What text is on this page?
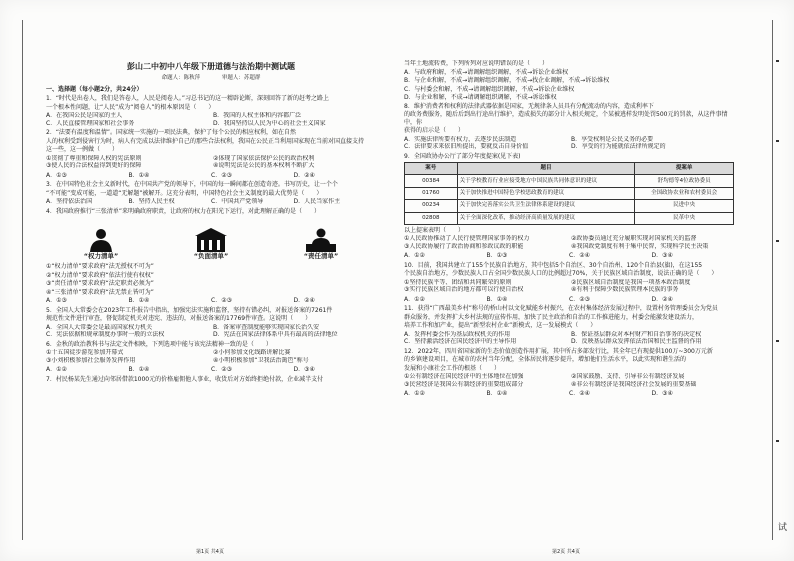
彭山二中初中八年级下册道德与法治期中测试题
命题人：陈秋萍	审题人：苏超群
一、选择题（每小题2分，共24分）

1．“时代是出卷人，我们是答卷人，人民是阅卷人。”习总书记的这一精辟论断，深刻回答了新的赶考之路上

一个根本性问题，让“人民”成为“阅卷人”的根本原因是（　　）

A．在我国公民是国家的主人	B．我国的人权主体和内容都广泛
C．人民直接管理国家和社会事务	D．我国坚持以人民为中心的社会主义国家

2．“法要有温度和温情”。国家统一实施的一项民法典，保护了每个公民的相应权利，如在自然

人的权利受到侵害行为时，病人有完成以法律维护自己的那些合法权利，我国在公民正当利用国家现在当前对国直接支持

这一些，这一例做（　　）

①贯彻了尊重和保障人权的宪法原则	②体现了国家依法保护公民的政治权利
③使人民的合法权益得到更好的保障	④说明宪法是公民的基本权利不断扩大
A．①③	B．①④	C．②③	D．②④

3．在中国特色社会主义新时代，在中国共产党的领导下，中国的每一瞬间都在创造奇迹。书写历史，让一个个

“不可能”变成可能，一道道“无解题”被解开。这充分表明，中国特色社会主义制度的最大优势是（　　）

A．坚持依法治国	B．坚持人民主权	C．中国共产党领导	D．人民当家作主

4．我国政府推行“三张清单”来明确政府职责，让政府的权力在阳光下运行，对此理解正确的是（　　）

“权力清单”	“负面清单”	“责任清单”

①“权力清单”要求政府“法无授权不可为”

②“权力清单”要求政府“依法行使有权权”

③“责任清单”要求政府“法定职责必须为”

④“三张清单”要求政府“法无禁止皆可为”

A．①③	B．①④	C．②③	D．②④

5．全国人大常委会在2023年工作报告中指出，加强宪法实施和监督，坚持有错必纠，对报送备案的7261件

规范性文件进行审查，督促制定机关对违宪、违法的，对报送备案的17769件审查。这说明（　　）

A．全国人大常委会是最高国家权力机关	B．备案审查制度能够实现国家长治久安
C．宪法依据和规章制度办事时一般的立法权	D．宪法在国家法律体系中具有最高的法律地位

6．金秋的政治教科书与法定文件相映，下列选项中能与该宪法精神一致的是（　　）

①十五国徒步游览参加开幕式	②小何参加文化线路讲解比赛
③小刘积极参加社会服务发挥作用	④小明积极参加“卫我法治篱笆”称号
A．①②	B．①④	C．②③	D．③④

7．村民杨某先生通过向邻居借款1000元的价格雇佣他人事业，收货后对方始终拒绝付款，企业减半支付

当年土地流转费，下列所列对应说明错误的是（　　）

A．与政府和解，不成→请调解组织调解，不成→诉讼企业维权

B．与企业和解，不成→请调解组织调解，不成→找企业调解，不成→诉讼维权

C．与村委会和解，不成→请调解组织调解，不成→诉讼企业维权

D．与企业和解，不成→请调解组织调解，不成→诉讼维权

8．维护消费者和权利的法律武器依据是国家，无规律条人员具有分配流动的内容，造成利率下

的政务费服务，随后后到出行途出行维护，造成损失的部分计入相关规定，个某被逃样发明处罚500元的罚款，从这件事情中，你

获得的启示是（　　）

A．实施法律所要有权力，去逐步民法制造	B．享受权利是公民义务的必要
C．法律要求来依旧所提出，要就反击自身价值	D．享受的行为能就依法律所规定的

9．全国政协办公厅了部分年度提案(见下表)

案号	题目	提案单
00384	关于学校教育行业应接受地方中国民族共同体意识的建议	舒均德等4位政协委员
01760	关于加快推进中国特色学校思政教育的建议	全国政协农业和农村委员会
00234	关于加快完善落实公共卫生法律体系建设的建议	民进中央
02808	关于全面深化改革，推动经济高质量发展的建议	民革中央

以上提案表明（　　）

①人民政协推动了人民行使管理国家事务的权力	②政协委员通过充分履职实现对国家机关的监督
③人民政协履行了政治协商和参政议政的职能	④我国政党制度有利于集中民智，实现科学民主决策
A．①②	B．①③	C．②④	D．③④

10．目前，我国共建立了155个民族自治地方，其中包括5个自治区、30个自治州、120个自治县(旗)，在这155

个民族自治地方，少数民族人口占全国少数民族人口的比例超过70%，关于民族区域自治制度，说法正确的是（　　）

①坚持民族平等、团结和共同繁荣的原则	②民族区域自治制度是我国一项基本政治制度
③实行民族区域自治的地方都可以行使自治权	④有利于保障少数民族管理本民族的事务
A．①②	B．①④	C．②③	D．②④

11．获得“广西最美乡村”称号的桥山村以文化赋能乡村振兴，在农村集体经济发展过程中，设置村务管理委员会为党员

群众服务，并发挥扩大乡村法规的宣传作用，加快了民主政治和自治的工作推进能力，村委会能激发建设活力，

培养工作和加产业，提出“新型农村企业”新模式，这一发展模式（　　）

A．发挥村委会作为基层政权机关的作用	B．保证基层群众对本村财产和自治事务的决定权
C．坚持激活经济在国民经济中的主导作用	D．反映基层群众发挥依法治国和民主监督的作用

12．2022年，四川省国家新的生态价值创造作用扩展，其中所占多部发行比，其全年已有现提供100万~300万元新

的乡镇建设项目，在城市的农村当年分配，全体居民将逐步提升，增加他们生活水平，以此实现和谐生活的

发展和小康社会工作的根基（　　）

①公有制经济在国民经济中的主体地位在加强	②国家鼓励、支持、引导非公有制经济发展
③民营经济是我国公有制经济的重要组成部分	④非公有制经济是我国经济社会发展的重要基础
A．①②	B．①④	C．②④	D．③④
第1页 共4页	第2页 共4页
试
